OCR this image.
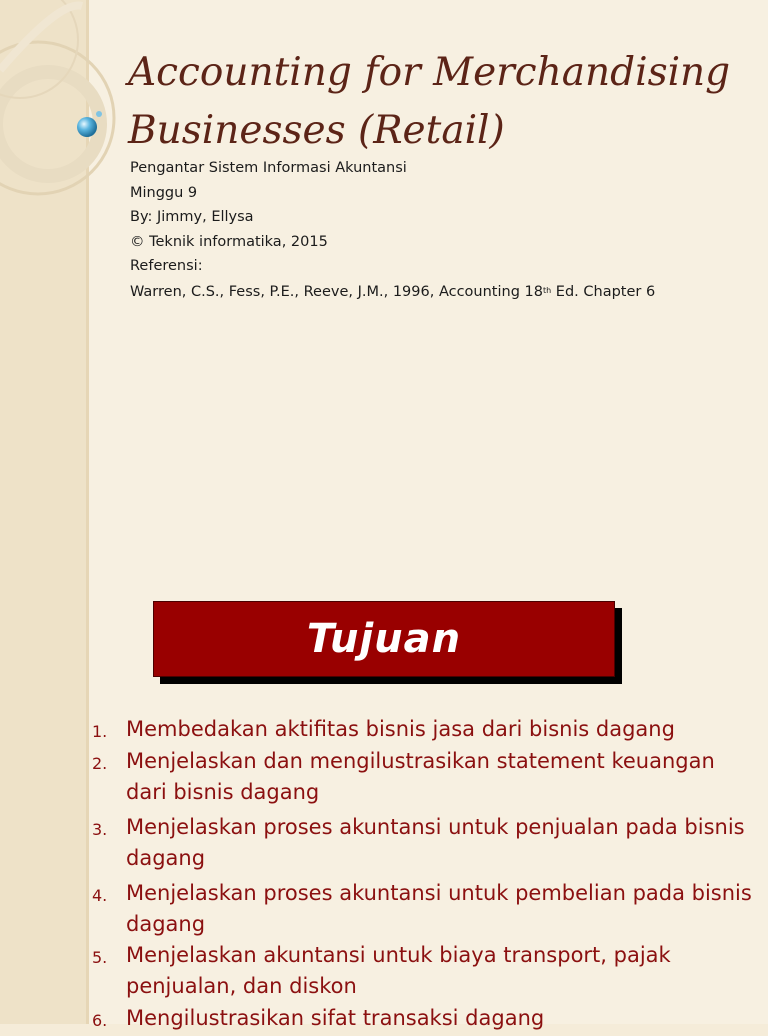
Accounting for Merchandising
Businesses (Retail)
Pengantar Sistem Informasi Akuntansi
Minggu 9
By: Jimmy, Ellysa
© Teknik informatika, 2015
Referensi:
Warren, C.S., Fess, P.E., Reeve, J.M., 1996, Accounting 18th Ed. Chapter 6
Tujuan
1. Membedakan aktifitas bisnis jasa dari bisnis dagang
2. Menjelaskan dan mengilustrasikan statement keuangan dari bisnis dagang
3. Menjelaskan proses akuntansi untuk penjualan pada bisnis dagang
4. Menjelaskan proses akuntansi untuk pembelian pada bisnis dagang
5. Menjelaskan akuntansi untuk biaya transport, pajak penjualan, dan diskon
6. Mengilustrasikan sifat transaksi dagang
